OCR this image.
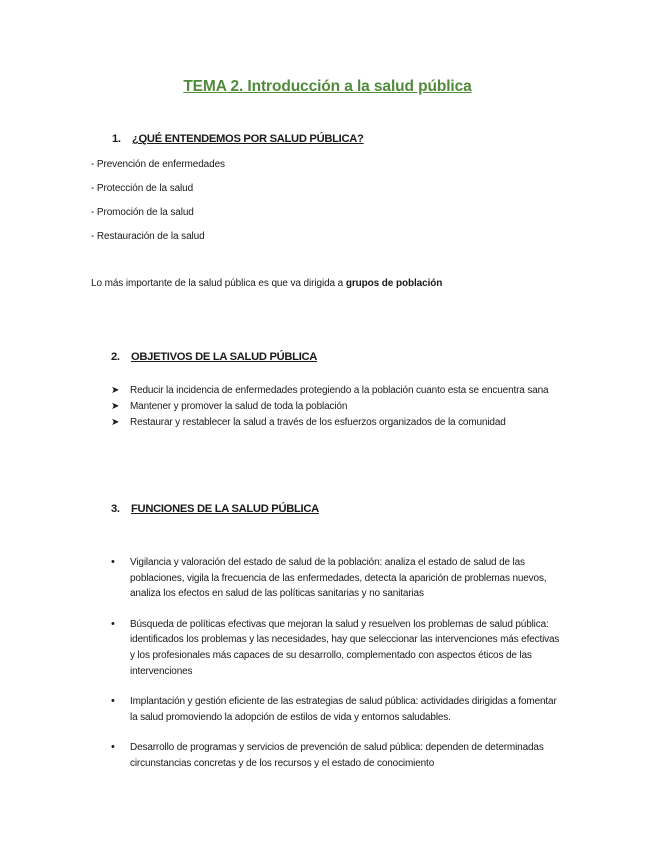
TEMA 2. Introducción a la salud pública
1. ¿QUÉ ENTENDEMOS POR SALUD PÚBLICA?
- Prevención de enfermedades
- Protección de la salud
- Promoción de la salud
- Restauración de la salud
Lo más importante de la salud pública es que va dirigida a grupos de población
2. OBJETIVOS DE LA SALUD PÚBLICA
➤ Reducir la incidencia de enfermedades protegiendo a la población cuanto esta se encuentra sana
➤ Mantener y promover la salud de toda la población
➤ Restaurar y restablecer la salud a través de los esfuerzos organizados de la comunidad
3. FUNCIONES DE LA SALUD PÚBLICA
• Vigilancia y valoración del estado de salud de la población: analiza el estado de salud de las poblaciones, vigila la frecuencia de las enfermedades, detecta la aparición de problemas nuevos, analiza los efectos en salud de las políticas sanitarias y no sanitarias
• Búsqueda de políticas efectivas que mejoran la salud y resuelven los problemas de salud pública: identificados los problemas y las necesidades, hay que seleccionar las intervenciones más efectivas y los profesionales más capaces de su desarrollo, complementado con aspectos éticos de las intervenciones
• Implantación y gestión eficiente de las estrategias de salud pública: actividades dirigidas a fomentar la salud promoviendo la adopción de estilos de vida y entornos saludables.
• Desarrollo de programas y servicios de prevención de salud pública: dependen de determinadas circunstancias concretas y de los recursos y el estado de conocimiento
